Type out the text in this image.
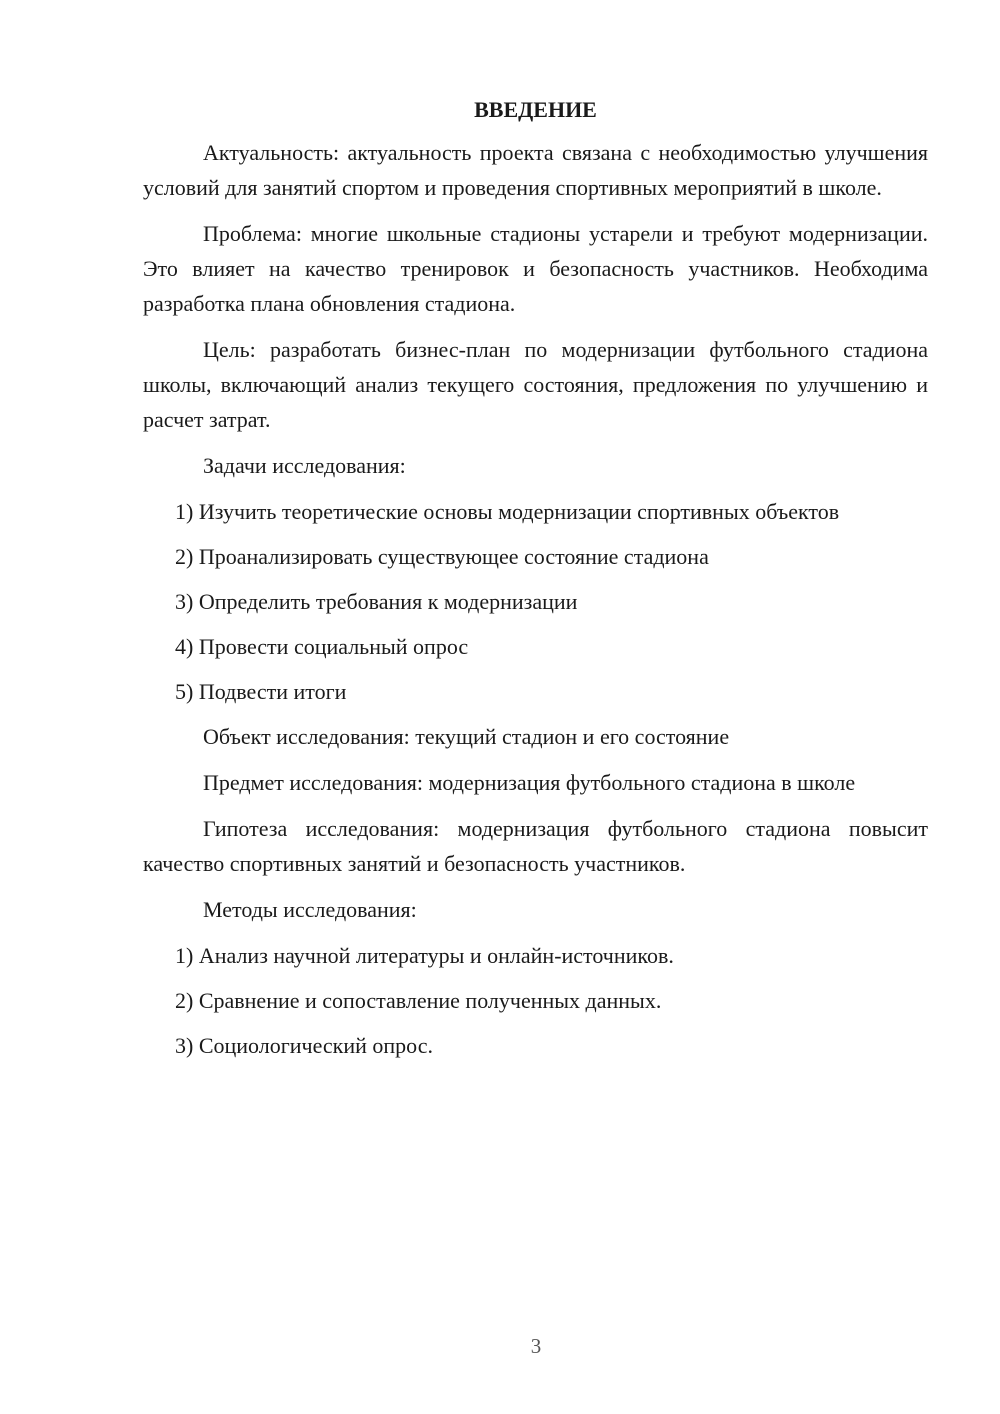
ВВЕДЕНИЕ

Актуальность: актуальность проекта связана с необходимостью улучшения условий для занятий спортом и проведения спортивных мероприятий в школе.

Проблема: многие школьные стадионы устарели и требуют модернизации. Это влияет на качество тренировок и безопасность участников. Необходима разработка плана обновления стадиона.

Цель: разработать бизнес-план по модернизации футбольного стадиона школы, включающий анализ текущего состояния, предложения по улучшению и расчет затрат.

Задачи исследования:

1) Изучить теоретические основы модернизации спортивных объектов
2) Проанализировать существующее состояние стадиона
3) Определить требования к модернизации
4) Провести социальный опрос
5) Подвести итоги

Объект исследования: текущий стадион и его состояние

Предмет исследования: модернизация футбольного стадиона в школе

Гипотеза исследования: модернизация футбольного стадиона повысит качество спортивных занятий и безопасность участников.

Методы исследования:

1) Анализ научной литературы и онлайн-источников.
2) Сравнение и сопоставление полученных данных.
3) Социологический опрос.
3
